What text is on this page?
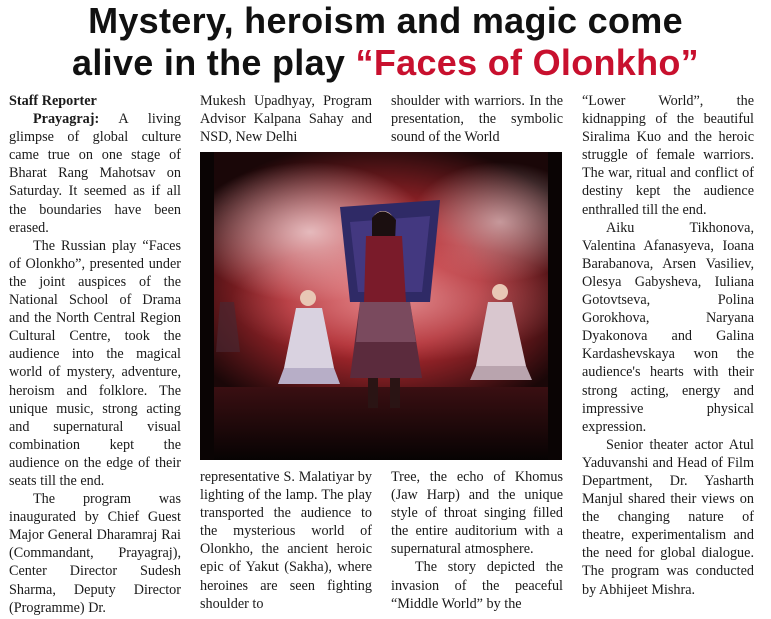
Mystery, heroism and magic come
alive in the play “Faces of Olonkho”
Staff Reporter

Prayagraj: A living glimpse of global culture came true on one stage of Bharat Rang Mahotsav on Saturday. It seemed as if all the boundaries have been erased.

The Russian play “Faces of Olonkho”, presented under the joint auspices of the National School of Drama and the North Central Region Cultural Centre, took the audience into the magical world of mystery, adventure, heroism and folklore. The unique music, strong acting and supernatural visual combination kept the audience on the edge of their seats till the end.

The program was inaugurated by Chief Guest Major General Dharamraj Rai (Commandant, Prayagraj), Center Director Sudesh Sharma, Deputy Director (Programme) Dr.

Mukesh Upadhyay, Program Advisor Kalpana Sahay and NSD, New Delhi

shoulder with warriors. In the presentation, the symbolic sound of the World

representative S. Malatiyar by lighting of the lamp. The play transported the audience to the mysterious world of Olonkho, the ancient heroic epic of Yakut (Sakha), where heroines are seen fighting shoulder to

Tree, the echo of Khomus (Jaw Harp) and the unique style of throat singing filled the entire auditorium with a supernatural atmosphere.

The story depicted the invasion of the peaceful “Middle World” by the

“Lower World”, the kidnapping of the beautiful Siralima Kuo and the heroic struggle of female warriors. The war, ritual and conflict of destiny kept the audience enthralled till the end.

Aiku Tikhonova, Valentina Afanasyeva, Ioana Barabanova, Arsen Vasiliev, Olesya Gabysheva, Iuliana Gotovtseva, Polina Gorokhova, Naryana Dyakonova and Galina Kardashevskaya won the audience's hearts with their strong acting, energy and impressive physical expression.

Senior theater actor Atul Yaduvanshi and Head of Film Department, Dr. Yasharth Manjul shared their views on the changing nature of theatre, experimentalism and the need for global dialogue. The program was conducted by Abhijeet Mishra.
